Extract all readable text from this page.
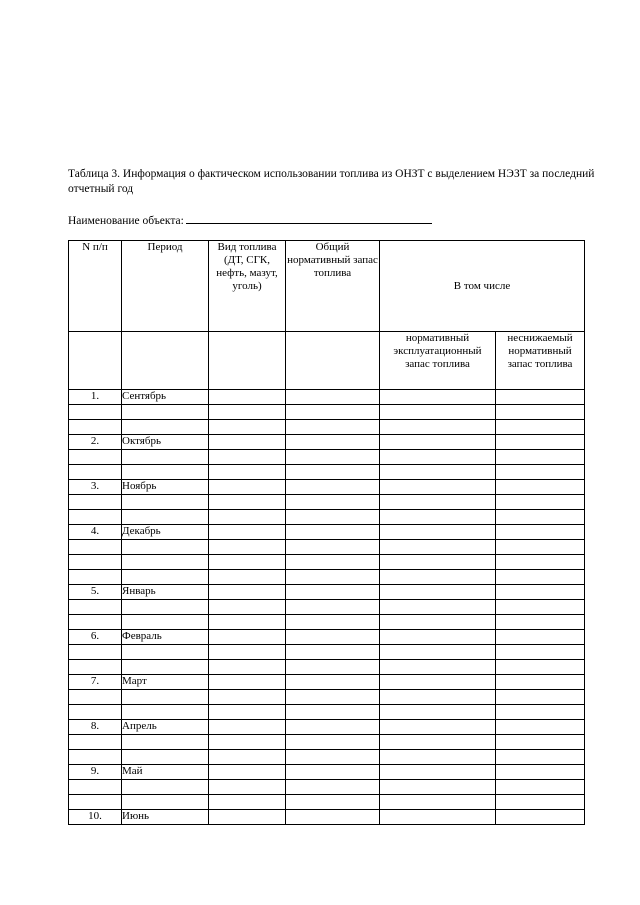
Таблица 3. Информация о фактическом использовании топлива из ОНЗТ с выделением НЭЗТ за последний отчетный год
Наименование объекта:
N п/п	Период	Вид топлива (ДТ, СГК, нефть, мазут, уголь)	Общий нормативный запас топлива	В том числе	
				нормативный эксплуатационный запас топлива	неснижаемый нормативный запас топлива
1.	Сентябрь				

2.	Октябрь				

3.	Ноябрь				

4.	Декабрь				

5.	Январь				

6.	Февраль				

7.	Март				

8.	Апрель				

9.	Май				

10.	Июнь				
